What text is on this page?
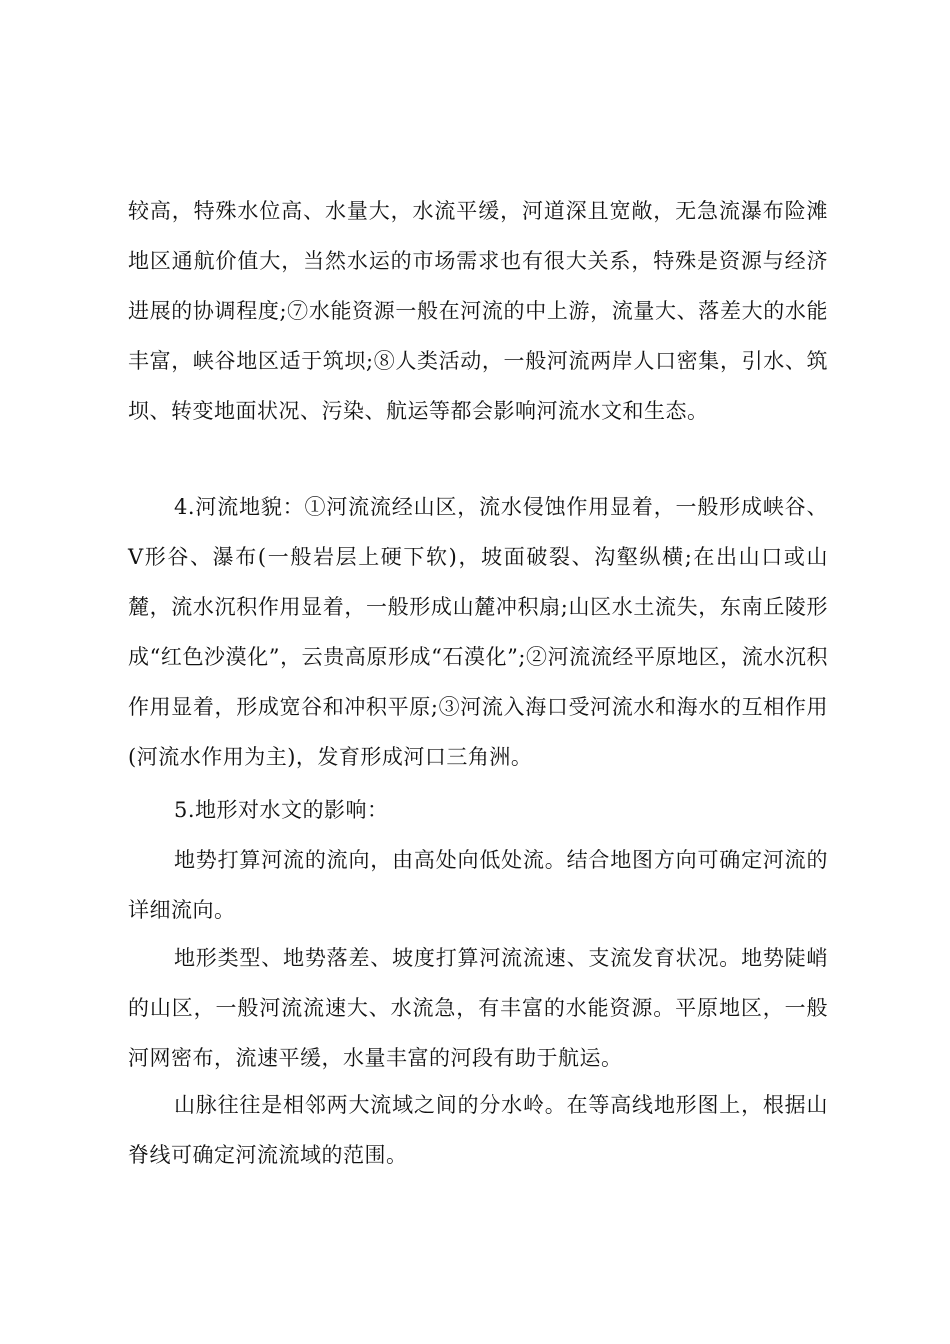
较高，特殊水位高、水量大，水流平缓，河道深且宽敞，无急流瀑布险滩地区通航价值大，当然水运的市场需求也有很大关系，特殊是资源与经济进展的协调程度;⑦水能资源一般在河流的中上游，流量大、落差大的水能丰富，峡谷地区适于筑坝;⑧人类活动，一般河流两岸人口密集，引水、筑坝、转变地面状况、污染、航运等都会影响河流水文和生态。

4.河流地貌：①河流流经山区，流水侵蚀作用显着，一般形成峡谷、V形谷、瀑布(一般岩层上硬下软)，坡面破裂、沟壑纵横;在出山口或山麓，流水沉积作用显着，一般形成山麓冲积扇;山区水土流失，东南丘陵形成“红色沙漠化”，云贵高原形成“石漠化”;②河流流经平原地区，流水沉积作用显着，形成宽谷和冲积平原;③河流入海口受河流水和海水的互相作用(河流水作用为主)，发育形成河口三角洲。

5.地形对水文的影响：

地势打算河流的流向，由高处向低处流。结合地图方向可确定河流的详细流向。

地形类型、地势落差、坡度打算河流流速、支流发育状况。地势陡峭的山区，一般河流流速大、水流急，有丰富的水能资源。平原地区，一般河网密布，流速平缓，水量丰富的河段有助于航运。

山脉往往是相邻两大流域之间的分水岭。在等高线地形图上，根据山脊线可确定河流流域的范围。
